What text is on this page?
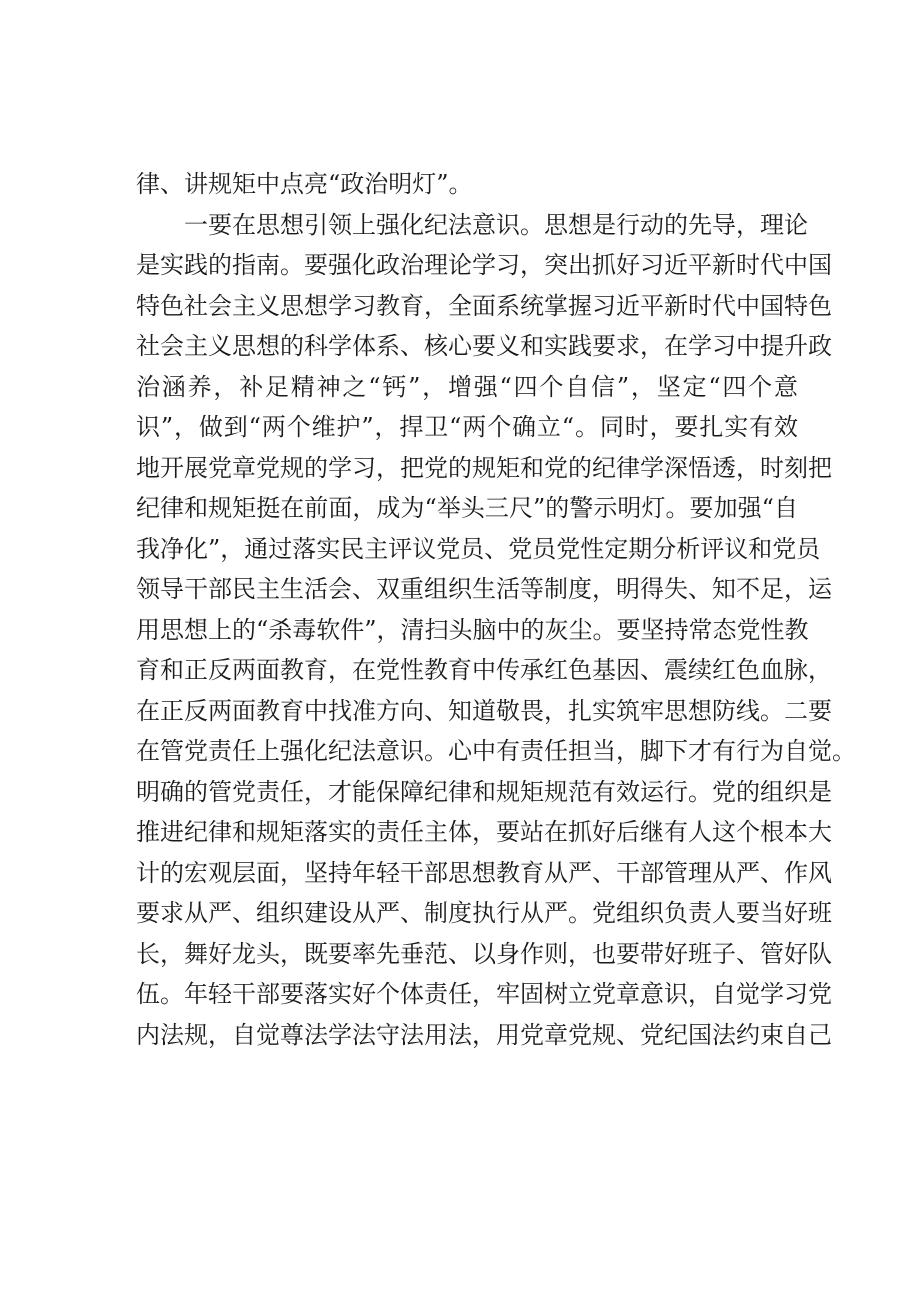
律、讲规矩中点亮“政治明灯”。
一要在思想引领上强化纪法意识。思想是行动的先导，理论
是实践的指南。要强化政治理论学习，突出抓好习近平新时代中国
特色社会主义思想学习教育，全面系统掌握习近平新时代中国特色
社会主义思想的科学体系、核心要义和实践要求，在学习中提升政
治涵养，补足精神之“钙”，增强“四个自信”，坚定“四个意
识”，做到“两个维护”，捍卫“两个确立“。同时，要扎实有效
地开展党章党规的学习，把党的规矩和党的纪律学深悟透，时刻把
纪律和规矩挺在前面，成为“举头三尺”的警示明灯。要加强“自
我净化”，通过落实民主评议党员、党员党性定期分析评议和党员
领导干部民主生活会、双重组织生活等制度，明得失、知不足，运
用思想上的“杀毒软件”，清扫头脑中的灰尘。要坚持常态党性教
育和正反两面教育，在党性教育中传承红色基因、震续红色血脉，
在正反两面教育中找准方向、知道敬畏，扎实筑牢思想防线。二要
在管党责任上强化纪法意识。心中有责任担当，脚下才有行为自觉。
明确的管党责任，才能保障纪律和规矩规范有效运行。党的组织是
推进纪律和规矩落实的责任主体，要站在抓好后继有人这个根本大
计的宏观层面，坚持年轻干部思想教育从严、干部管理从严、作风
要求从严、组织建设从严、制度执行从严。党组织负责人要当好班
长，舞好龙头，既要率先垂范、以身作则，也要带好班子、管好队
伍。年轻干部要落实好个体责任，牢固树立党章意识，自觉学习党
内法规，自觉尊法学法守法用法，用党章党规、党纪国法约束自己
